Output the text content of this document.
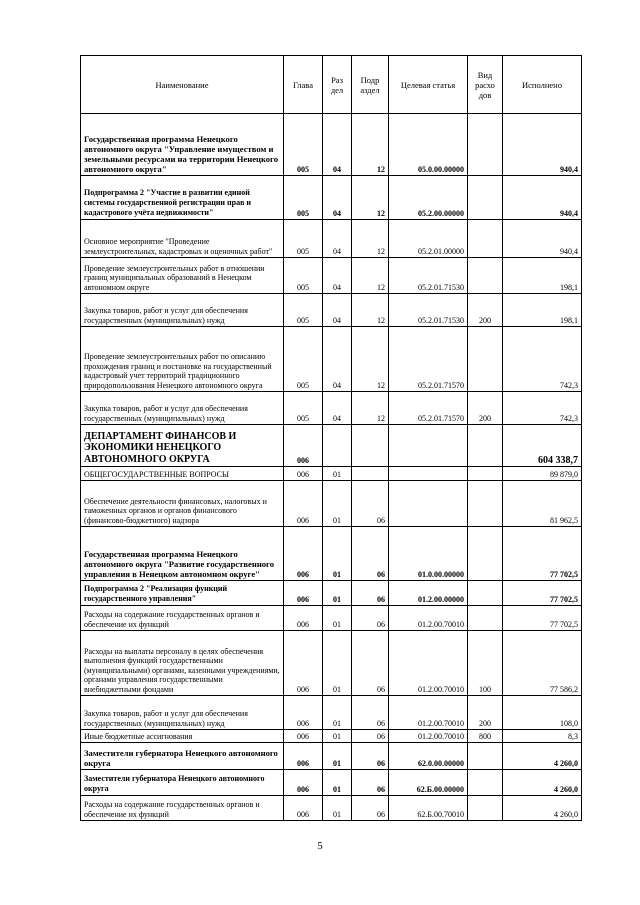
Наименование	Глава	Раз дел	Подр аздел	Целевая статья	Вид расхо дов	Исполнено
Государственная программа Ненецкого автономного округа "Управление имуществом и земельными ресурсами на территории Ненецкого автономного округа"	005	04	12	05.0.00.00000		940,4
Подпрограмма 2 "Участие в развитии единой системы государственной регистрации прав и кадастрового учёта недвижимости"	005	04	12	05.2.00.00000		940,4
Основное мероприятие "Проведение землеустроительных, кадастровых и оценочных работ"	005	04	12	05.2.01.00000		940,4
Проведение землеустроительных работ в отношении границ муниципальных образований в Ненецком автономном округе	005	04	12	05.2.01.71530		198,1
Закупка товаров, работ и услуг для обеспечения государственных (муниципальных) нужд	005	04	12	05.2.01.71530	200	198,1
Проведение землеустроительных работ по описанию прохождения границ и постановке на государственный кадастровый учет территорий традиционного природопользования Ненецкого автономного округа	005	04	12	05.2.01.71570		742,3
Закупка товаров, работ и услуг для обеспечения государственных (муниципальных) нужд	005	04	12	05.2.01.71570	200	742,3
ДЕПАРТАМЕНТ ФИНАНСОВ И ЭКОНОМИКИ НЕНЕЦКОГО АВТОНОМНОГО ОКРУГА	006					604 338,7
ОБЩЕГОСУДАРСТВЕННЫЕ ВОПРОСЫ	006	01				89 879,0
Обеспечение деятельности финансовых, налоговых и таможенных органов и органов финансового (финансово-бюджетного) надзора	006	01	06			81 962,5
Государственная программа Ненецкого автономного округа "Развитие государственного управления в Ненецком автономном округе"	006	01	06	01.0.00.00000		77 702,5
Подпрограмма 2 "Реализация функций государственного управления"	006	01	06	01.2.00.00000		77 702,5
Расходы на содержание государственных органов и обеспечение их функций	006	01	06	01.2.00.70010		77 702,5
Расходы на выплаты персоналу в целях обеспечения выполнения функций государственными (муниципальными) органами, казенными учреждениями, органами управления государственными внебюджетными фондами	006	01	06	01.2.00.70010	100	77 586,2
Закупка товаров, работ и услуг для обеспечения государственных (муниципальных) нужд	006	01	06	01.2.00.70010	200	108,0
Иные бюджетные ассигнования	006	01	06	01.2.00.70010	800	8,3
Заместители губернатора Ненецкого автономного округа	006	01	06	62.0.00.00000		4 260,0
Заместители губернатора Ненецкого автономного округа	006	01	06	62.Б.00.00000		4 260,0
Расходы на содержание государственных органов и обеспечение их функций	006	01	06	62.Б.00.70010		4 260,0
5
